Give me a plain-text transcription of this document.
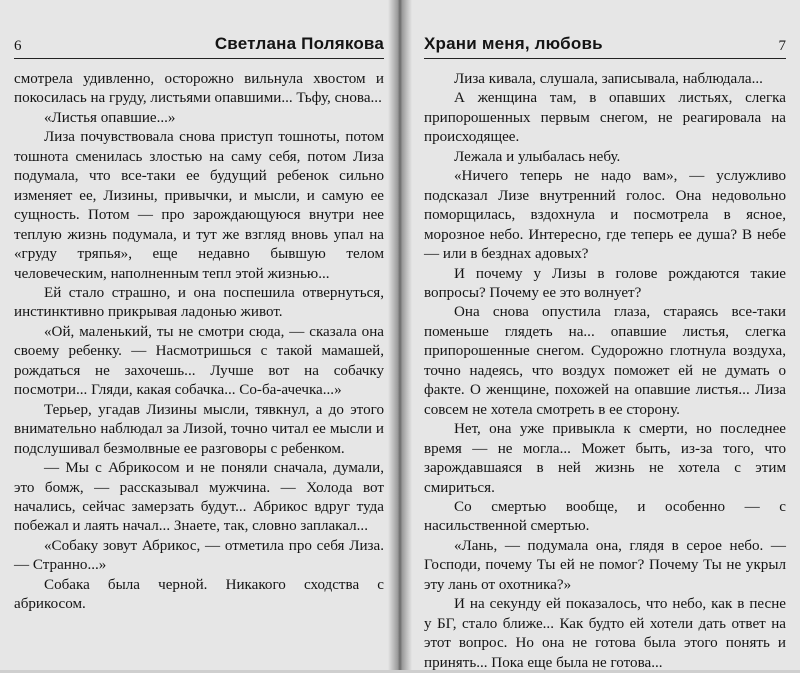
6	Светлана Полякова

смотрела удивленно, осторожно вильнула хвостом и покосилась на груду, листьями опавшими... Тьфу, снова...

«Листья опавшие...»

Лиза почувствовала снова приступ тошноты, потом тошнота сменилась злостью на саму себя, потом Лиза подумала, что все-таки ее будущий ребенок сильно изменяет ее, Лизины, привычки, и мысли, и самую ее сущность. Потом — про зарождающуюся внутри нее теплую жизнь подумала, и тут же взгляд вновь упал на «груду тряпья», еще недавно бывшую телом человеческим, наполненным тепл этой жизнью...

Ей стало страшно, и она поспешила отвернуться, инстинктивно прикрывая ладонью живот.

«Ой, маленький, ты не смотри сюда, — сказала она своему ребенку. — Насмотришься с такой мамашей, рождаться не захочешь... Лучше вот на собачку посмотри... Гляди, какая собачка... Со-ба-ачечка...»

Терьер, угадав Лизины мысли, тявкнул, а до этого внимательно наблюдал за Лизой, точно читал ее мысли и подслушивал безмолвные ее разговоры с ребенком.

— Мы с Абрикосом и не поняли сначала, думали, это бомж, — рассказывал мужчина. — Холода вот начались, сейчас замерзать будут... Абрикос вдруг туда побежал и лаять начал... Знаете, так, словно заплакал...

«Собаку зовут Абрикос, — отметила про себя Лиза. — Странно...»

Собака была черной. Никакого сходства с абрикосом.

Храни меня, любовь	7

Лиза кивала, слушала, записывала, наблюдала...

А женщина там, в опавших листьях, слегка припорошенных первым снегом, не реагировала на происходящее.

Лежала и улыбалась небу.

«Ничего теперь не надо вам», — услужливо подсказал Лизе внутренний голос. Она недовольно поморщилась, вздохнула и посмотрела в ясное, морозное небо. Интересно, где теперь ее душа? В небе — или в безднах адовых?

И почему у Лизы в голове рождаются такие вопросы? Почему ее это волнует?

Она снова опустила глаза, стараясь все-таки поменьше глядеть на... опавшие листья, слегка припорошенные снегом. Судорожно глотнула воздуха, точно надеясь, что воздух поможет ей не думать о факте. О женщине, похожей на опавшие листья... Лиза совсем не хотела смотреть в ее сторону.

Нет, она уже привыкла к смерти, но последнее время — не могла... Может быть, из-за того, что зарождавшаяся в ней жизнь не хотела с этим смириться.

Со смертью вообще, и особенно — с насильственной смертью.

«Лань, — подумала она, глядя в серое небо. — Господи, почему Ты ей не помог? Почему Ты не укрыл эту лань от охотника?»

И на секунду ей показалось, что небо, как в песне у БГ, стало ближе... Как будто ей хотели дать ответ на этот вопрос. Но она не готова была этого понять и принять... Пока еще была не готова...
